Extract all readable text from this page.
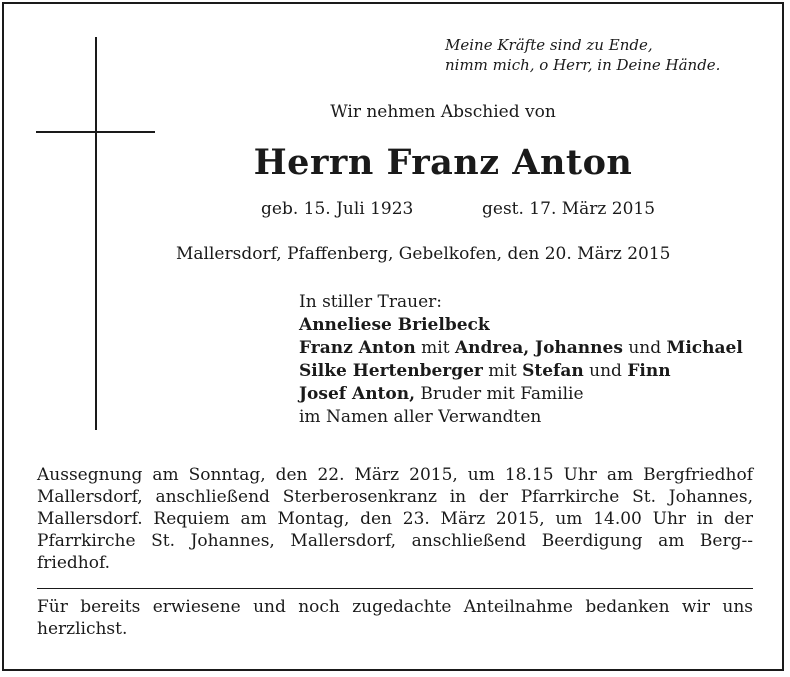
Meine Kräfte sind zu Ende,
nimm mich, o Herr, in Deine Hände.
Wir nehmen Abschied von
Herrn Franz Anton
geb. 15. Juli 1923	gest. 17. März 2015
Mallersdorf, Pfaffenberg, Gebelkofen, den 20. März 2015
In stiller Trauer:
Anneliese Brielbeck
Franz Anton mit Andrea, Johannes und Michael
Silke Hertenberger mit Stefan und Finn
Josef Anton, Bruder mit Familie
im Namen aller Verwandten
Aussegnung am Sonntag, den 22. März 2015, um 18.15 Uhr am Bergfriedhof Mallersdorf, anschließend Sterberosenkranz in der Pfarrkirche St. Johannes, Mallersdorf. Requiem am Montag, den 23. März 2015, um 14.00 Uhr in der Pfarrkirche St. Johannes, Mallersdorf, anschließend Beerdigung am Berg-friedhof.
Für bereits erwiesene und noch zugedachte Anteilnahme bedanken wir uns herzlichst.
